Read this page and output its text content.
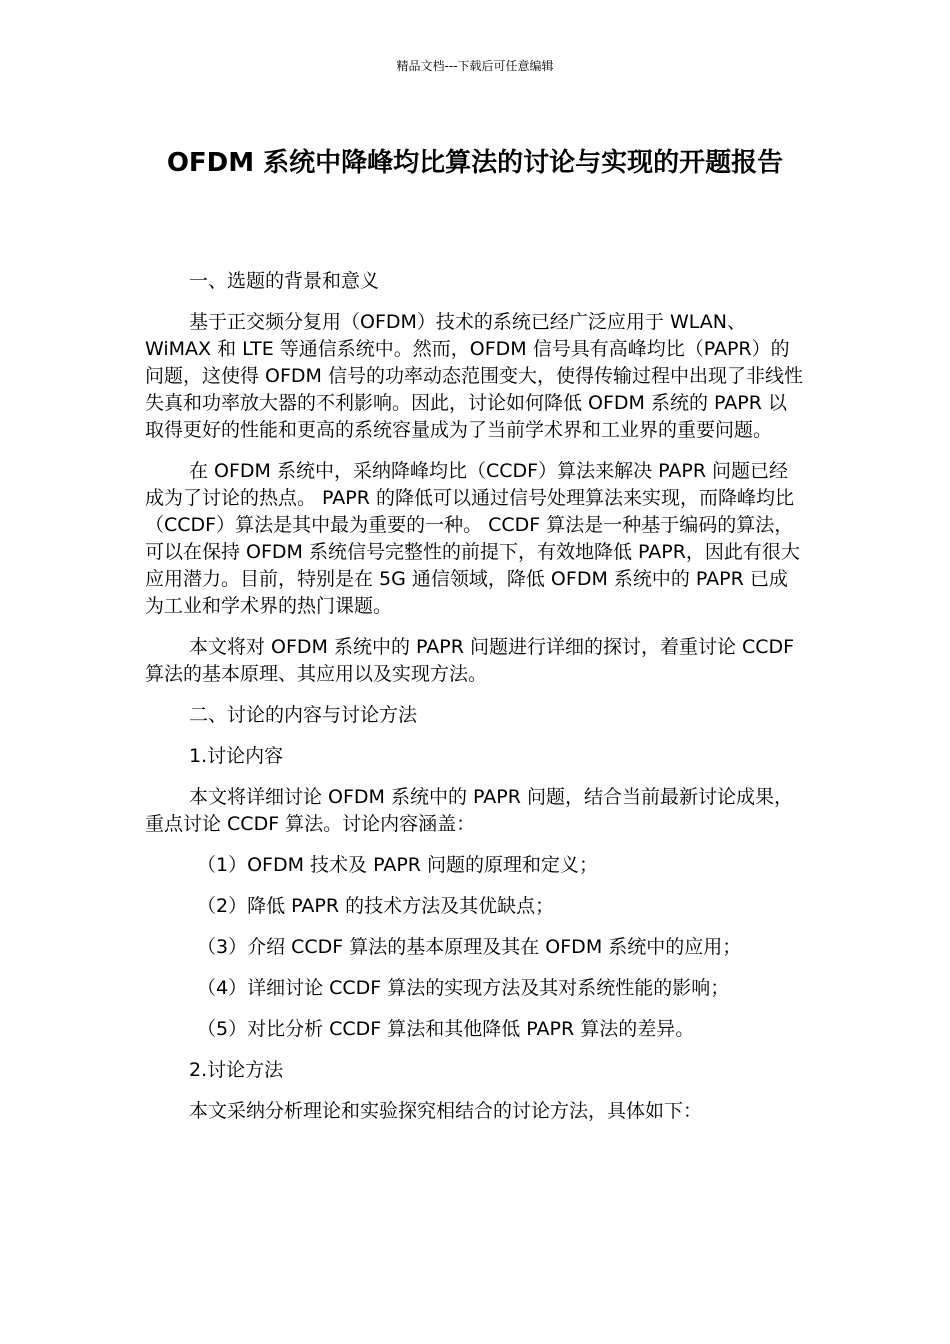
精品文档---下载后可任意编辑
OFDM 系统中降峰均比算法的讨论与实现的开题报告

一、选题的背景和意义

基于正交频分复用（OFDM）技术的系统已经广泛应用于 WLAN、WiMAX 和 LTE 等通信系统中。然而，OFDM 信号具有高峰均比（PAPR）的问题，这使得 OFDM 信号的功率动态范围变大，使得传输过程中出现了非线性失真和功率放大器的不利影响。因此，讨论如何降低 OFDM 系统的 PAPR 以取得更好的性能和更高的系统容量成为了当前学术界和工业界的重要问题。

在 OFDM 系统中，采纳降峰均比（CCDF）算法来解决 PAPR 问题已经成为了讨论的热点。 PAPR 的降低可以通过信号处理算法来实现，而降峰均比（CCDF）算法是其中最为重要的一种。 CCDF 算法是一种基于编码的算法，可以在保持 OFDM 系统信号完整性的前提下，有效地降低 PAPR，因此有很大应用潜力。目前，特别是在 5G 通信领域，降低 OFDM 系统中的 PAPR 已成为工业和学术界的热门课题。

本文将对 OFDM 系统中的 PAPR 问题进行详细的探讨，着重讨论 CCDF 算法的基本原理、其应用以及实现方法。

二、讨论的内容与讨论方法

1.讨论内容

本文将详细讨论 OFDM 系统中的 PAPR 问题，结合当前最新讨论成果，重点讨论 CCDF 算法。讨论内容涵盖：

（1）OFDM 技术及 PAPR 问题的原理和定义；

（2）降低 PAPR 的技术方法及其优缺点；

（3）介绍 CCDF 算法的基本原理及其在 OFDM 系统中的应用；

（4）详细讨论 CCDF 算法的实现方法及其对系统性能的影响；

（5）对比分析 CCDF 算法和其他降低 PAPR 算法的差异。

2.讨论方法

本文采纳分析理论和实验探究相结合的讨论方法，具体如下：
